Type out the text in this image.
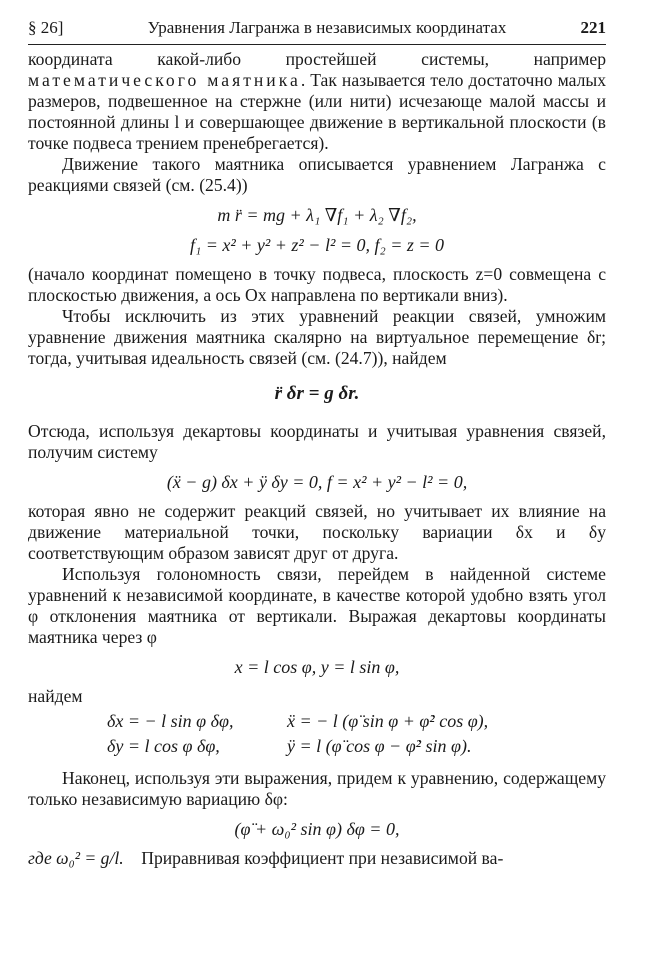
§ 26]	Уравнения Лагранжа в независимых координатах	221

координата какой-либо простейшей системы, например математического маятника. Так называется тело достаточно малых размеров, подвешенное на стержне (или нити) исчезающе малой массы и постоянной длины l и совершающее движение в вертикальной плоскости (в точке подвеса трением пренебрегается).

Движение такого маятника описывается уравнением Лагранжа с реакциями связей (см. (25.4))

m r̈ = mg + λ₁ ∇f₁ + λ₂ ∇f₂,
f₁ = x² + y² + z² − l² = 0, f₂ = z = 0

(начало координат помещено в точку подвеса, плоскость z=0 совмещена с плоскостью движения, а ось Ox направлена по вертикали вниз).

Чтобы исключить из этих уравнений реакции связей, умножим уравнение движения маятника скалярно на виртуальное перемещение δr; тогда, учитывая идеальность связей (см. (24.7)), найдем

r̈ δr = g δr.

Отсюда, используя декартовы координаты и учитывая уравнения связей, получим систему

(ẍ − g) δx + ÿ δy = 0, f = x² + y² − l² = 0,

которая явно не содержит реакций связей, но учитывает их влияние на движение материальной точки, поскольку вариации δx и δy соответствующим образом зависят друг от друга.

Используя голономность связи, перейдем в найденной системе уравнений к независимой координате, в качестве которой удобно взять угол φ отклонения маятника от вертикали. Выражая декартовы координаты маятника через φ

x = l cos φ, y = l sin φ,

найдем

δx = − l sin φ δφ,	ẍ = − l (φ̈ sin φ + φ̇² cos φ),
δy = l cos φ δφ,	ÿ = l (φ̈ cos φ − φ̇² sin φ).

Наконец, используя эти выражения, придем к уравнению, содержащему только независимую вариацию δφ:

(φ̈ + ω₀² sin φ) δφ = 0,

где ω₀² = g/l. Приравнивая коэффициент при независимой ва-
